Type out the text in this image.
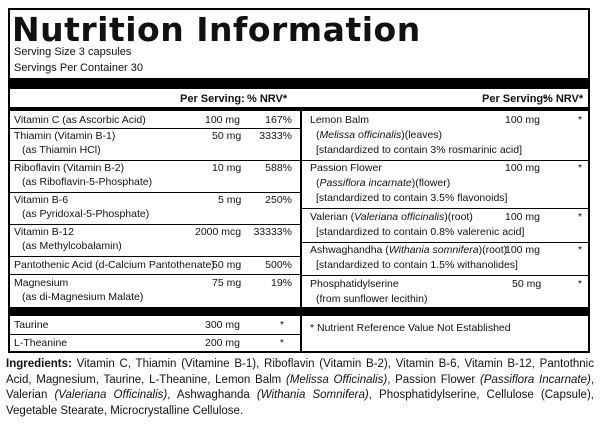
Nutrition Information
Serving Size 3 capsules
Servings Per Container 30
Per Serving: % NRV*	Per Serving:
% NRV*
Vitamin C (as Ascorbic Acid)	100 mg	167%
Thiamin (Vitamin B-1)
(as Thiamin HCl)
50 mg	3333%
Riboflavin (Vitamin B-2)
(as Riboflavin-5-Phosphate)
10 mg	588%
Vitamin B-6
(as Pyridoxal-5-Phosphate)
5 mg	250%
Vitamin B-12
(as Methylcobalamin)
2000 mcg	33333%
Pantothenic Acid (d-Calcium Pantothenate)
50 mg	500%
Magnesium
(as di-Magnesium Malate)
75 mg	19%
Taurine	300 mg	*
L-Theanine	200 mg	*
Lemon Balm
(Melissa officinalis)(leaves)
[standardized to contain 3% rosmarinic acid]
100 mg	*
Passion Flower
(Passiflora incarnate)(flower)
[standardized to contain 3.5% flavonoids]
100 mg	*
Valerian (Valeriana officinalis)(root)
[standardized to contain 0.8% valerenic acid]
100 mg	*
Ashwaghandha (Withania somnifera)(root)
[standardized to contain 1.5% withanolides]
100 mg	*
Phosphatidylserine
(from sunflower lecithin)
50 mg	*
* Nutrient Reference Value Not Established
Ingredients: Vitamin C, Thiamin (Vitamine B-1), Riboflavin (Vitamin B-2), Vitamin B-6, Vitamin B-12, Pantothnic Acid, Magnesium, Taurine, L-Theanine, Lemon Balm (Melissa Officinalis), Passion Flower (Passiflora Incarnate), Valerian (Valeriana Officinalis), Ashwaghanda (Withania Somnifera), Phosphatidylserine, Cellulose (Capsule), Vegetable Stearate, Microcrystalline Cellulose.
